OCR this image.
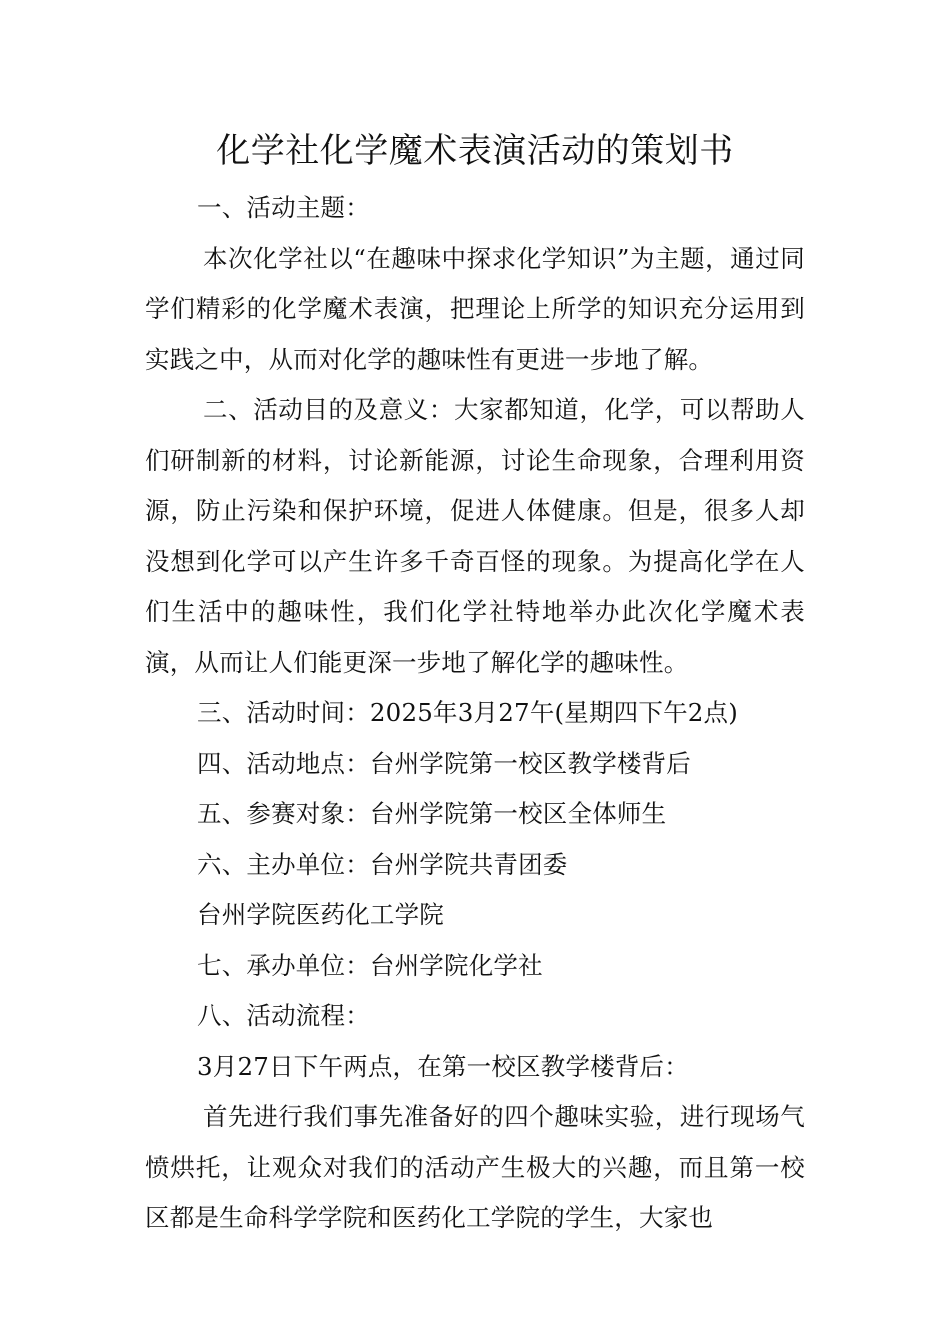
化学社化学魔术表演活动的策划书

一、活动主题：

本次化学社以“在趣味中探求化学知识”为主题，通过同学们精彩的化学魔术表演，把理论上所学的知识充分运用到实践之中，从而对化学的趣味性有更进一步地了解。

二、活动目的及意义：大家都知道，化学，可以帮助人们研制新的材料，讨论新能源，讨论生命现象，合理利用资源，防止污染和保护环境，促进人体健康。但是，很多人却没想到化学可以产生许多千奇百怪的现象。为提高化学在人们生活中的趣味性，我们化学社特地举办此次化学魔术表演，从而让人们能更深一步地了解化学的趣味性。

三、活动时间：2025年3月27午(星期四下午2点)

四、活动地点：台州学院第一校区教学楼背后

五、参赛对象：台州学院第一校区全体师生

六、主办单位：台州学院共青团委

台州学院医药化工学院

七、承办单位：台州学院化学社

八、活动流程：

3月27日下午两点，在第一校区教学楼背后：

首先进行我们事先准备好的四个趣味实验，进行现场气愤烘托，让观众对我们的活动产生极大的兴趣，而且第一校区都是生命科学学院和医药化工学院的学生，大家也
